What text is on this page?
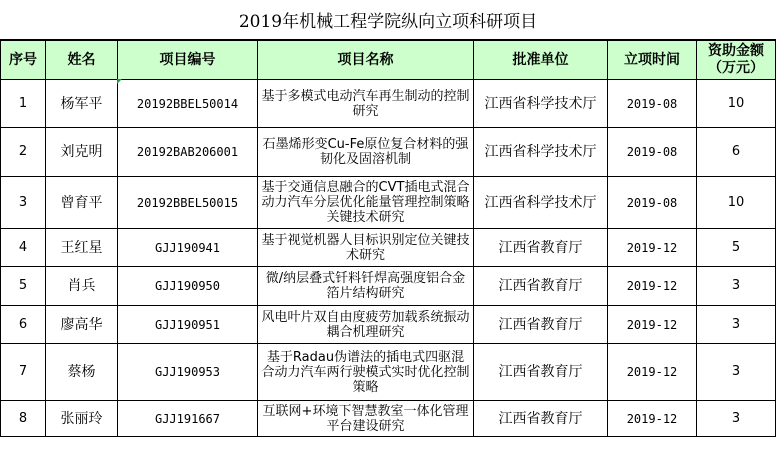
2019年机械工程学院纵向立项科研项目
序号	姓名	项目编号	项目名称	批准单位	立项时间	资助金额（万元）
1	杨军平	20192BBEL50014	基于多模式电动汽车再生制动的控制研究	江西省科学技术厅	2019-08	10
2	刘克明	20192BAB206001	石墨烯形变Cu-Fe原位复合材料的强韧化及固溶机制	江西省科学技术厅	2019-08	6
3	曾育平	20192BBEL50015	基于交通信息融合的CVT插电式混合动力汽车分层优化能量管理控制策略关键技术研究	江西省科学技术厅	2019-08	10
4	王红星	GJJ190941	基于视觉机器人目标识别定位关键技术研究	江西省教育厅	2019-12	5
5	肖兵	GJJ190950	微/纳层叠式钎料钎焊高强度铝合金箔片结构研究	江西省教育厅	2019-12	3
6	廖高华	GJJ190951	风电叶片双自由度疲劳加载系统振动耦合机理研究	江西省教育厅	2019-12	3
7	蔡杨	GJJ190953	基于Radau伪谱法的插电式四驱混合动力汽车两行驶模式实时优化控制策略	江西省教育厅	2019-12	3
8	张丽玲	GJJ191667	互联网+环境下智慧教室一体化管理平台建设研究	江西省教育厅	2019-12	3
